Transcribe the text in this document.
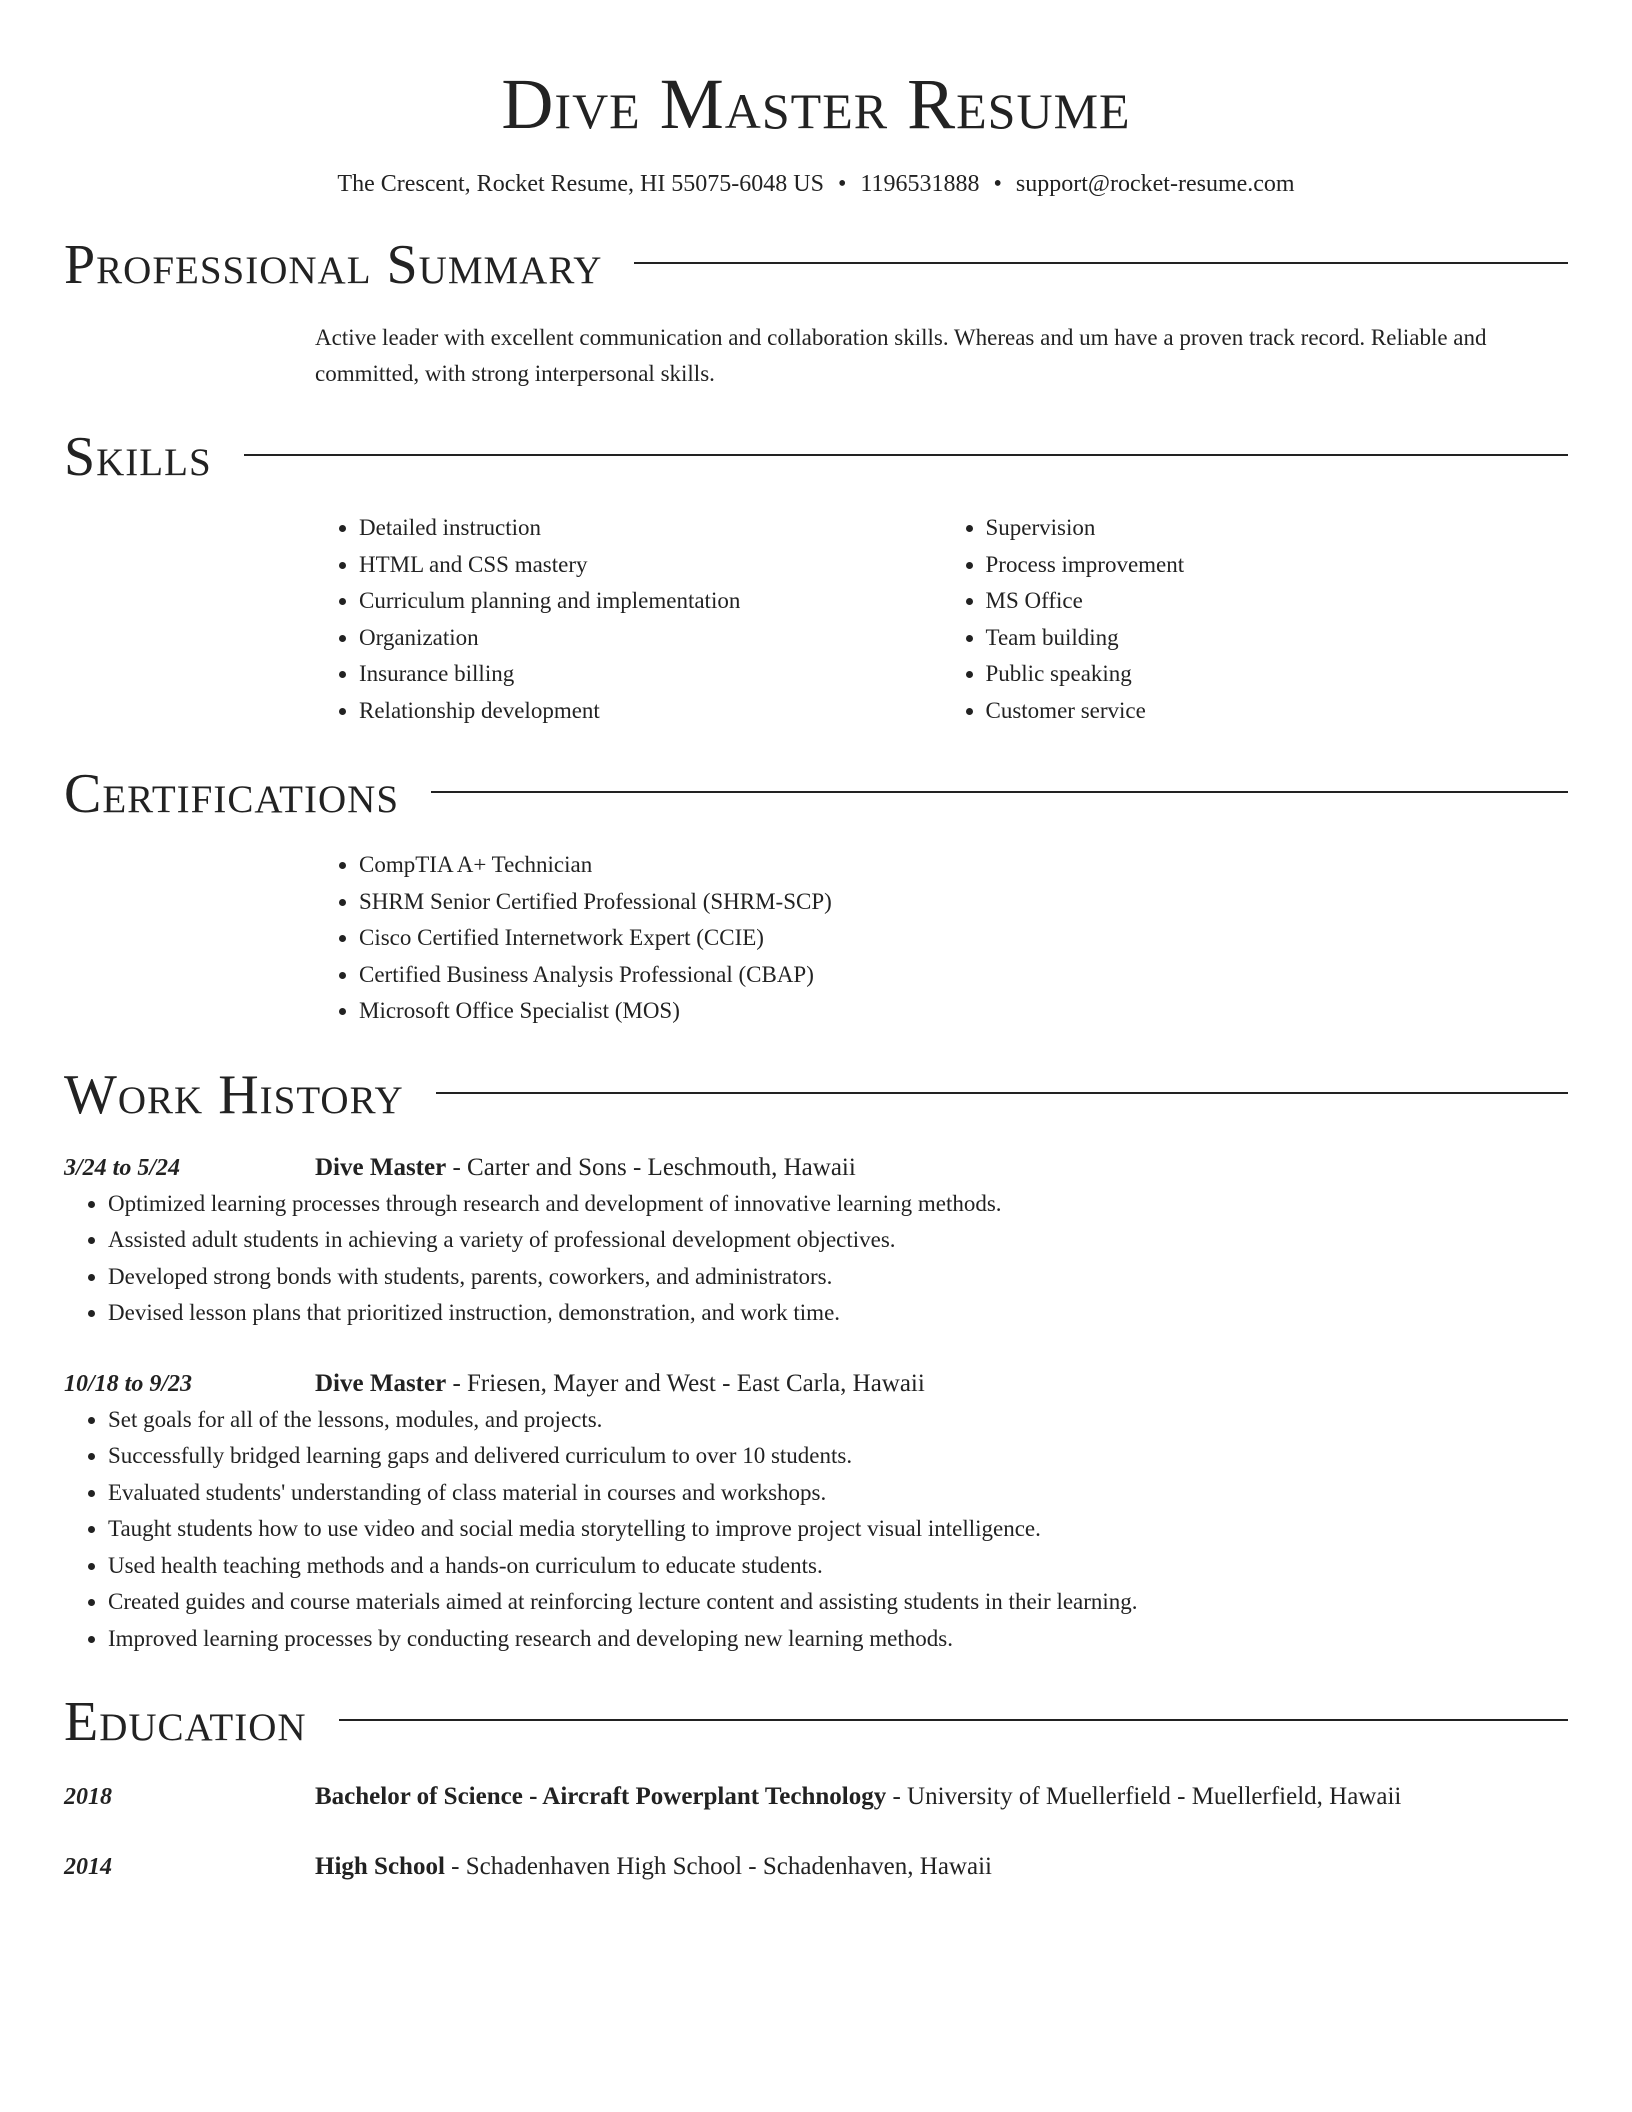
Dive Master Resume
The Crescent, Rocket Resume, HI 55075-6048 US • 1196531888 • support@rocket-resume.com
Professional Summary
Active leader with excellent communication and collaboration skills. Whereas and um have a proven track record. Reliable and committed, with strong interpersonal skills.
Skills
• Detailed instruction
• HTML and CSS mastery
• Curriculum planning and implementation
• Organization
• Insurance billing
• Relationship development
• Supervision
• Process improvement
• MS Office
• Team building
• Public speaking
• Customer service
Certifications
• CompTIA A+ Technician
• SHRM Senior Certified Professional (SHRM-SCP)
• Cisco Certified Internetwork Expert (CCIE)
• Certified Business Analysis Professional (CBAP)
• Microsoft Office Specialist (MOS)
Work History
3/24 to 5/24	Dive Master - Carter and Sons - Leschmouth, Hawaii
• Optimized learning processes through research and development of innovative learning methods.
• Assisted adult students in achieving a variety of professional development objectives.
• Developed strong bonds with students, parents, coworkers, and administrators.
• Devised lesson plans that prioritized instruction, demonstration, and work time.
10/18 to 9/23	Dive Master - Friesen, Mayer and West - East Carla, Hawaii
• Set goals for all of the lessons, modules, and projects.
• Successfully bridged learning gaps and delivered curriculum to over 10 students.
• Evaluated students' understanding of class material in courses and workshops.
• Taught students how to use video and social media storytelling to improve project visual intelligence.
• Used health teaching methods and a hands-on curriculum to educate students.
• Created guides and course materials aimed at reinforcing lecture content and assisting students in their learning.
• Improved learning processes by conducting research and developing new learning methods.
Education
2018	Bachelor of Science - Aircraft Powerplant Technology - University of Muellerfield - Muellerfield, Hawaii
2014	High School - Schadenhaven High School - Schadenhaven, Hawaii
